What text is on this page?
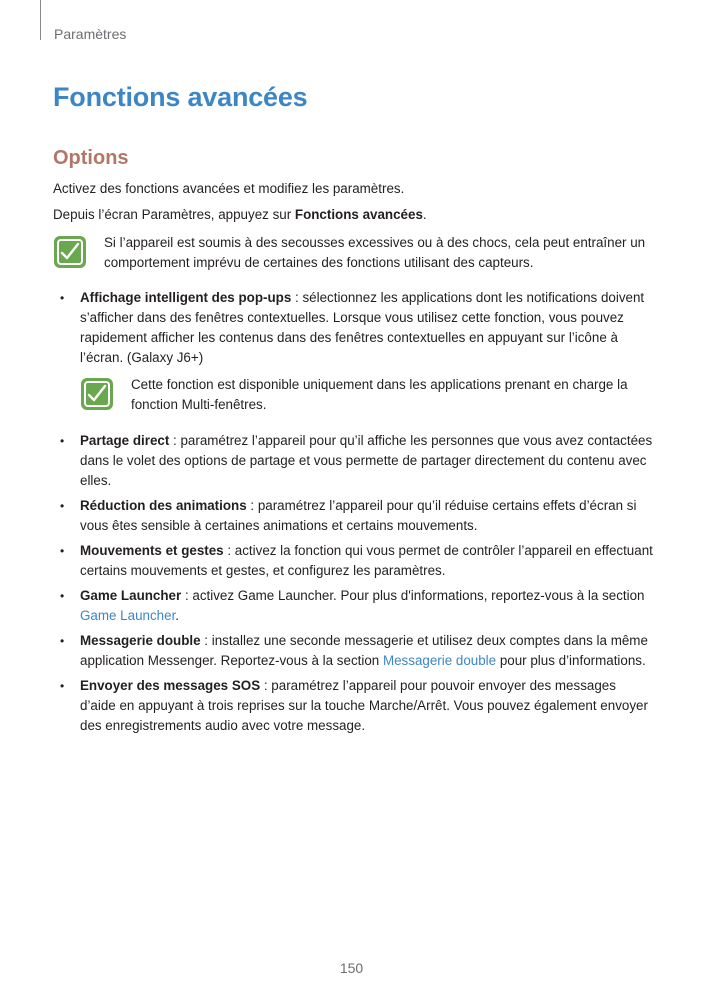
Paramètres
Fonctions avancées
Options
Activez des fonctions avancées et modifiez les paramètres.
Depuis l’écran Paramètres, appuyez sur Fonctions avancées.
Si l’appareil est soumis à des secousses excessives ou à des chocs, cela peut entraîner un comportement imprévu de certaines des fonctions utilisant des capteurs.
• Affichage intelligent des pop-ups : sélectionnez les applications dont les notifications doivent s’afficher dans des fenêtres contextuelles. Lorsque vous utilisez cette fonction, vous pouvez rapidement afficher les contenus dans des fenêtres contextuelles en appuyant sur l’icône à l’écran. (Galaxy J6+)
Cette fonction est disponible uniquement dans les applications prenant en charge la fonction Multi-fenêtres.
• Partage direct : paramétrez l’appareil pour qu’il affiche les personnes que vous avez contactées dans le volet des options de partage et vous permette de partager directement du contenu avec elles.
• Réduction des animations : paramétrez l’appareil pour qu’il réduise certains effets d’écran si vous êtes sensible à certaines animations et certains mouvements.
• Mouvements et gestes : activez la fonction qui vous permet de contrôler l’appareil en effectuant certains mouvements et gestes, et configurez les paramètres.
• Game Launcher : activez Game Launcher. Pour plus d'informations, reportez-vous à la section Game Launcher.
• Messagerie double : installez une seconde messagerie et utilisez deux comptes dans la même application Messenger. Reportez-vous à la section Messagerie double pour plus d’informations.
• Envoyer des messages SOS : paramétrez l’appareil pour pouvoir envoyer des messages d’aide en appuyant à trois reprises sur la touche Marche/Arrêt. Vous pouvez également envoyer des enregistrements audio avec votre message.
150
